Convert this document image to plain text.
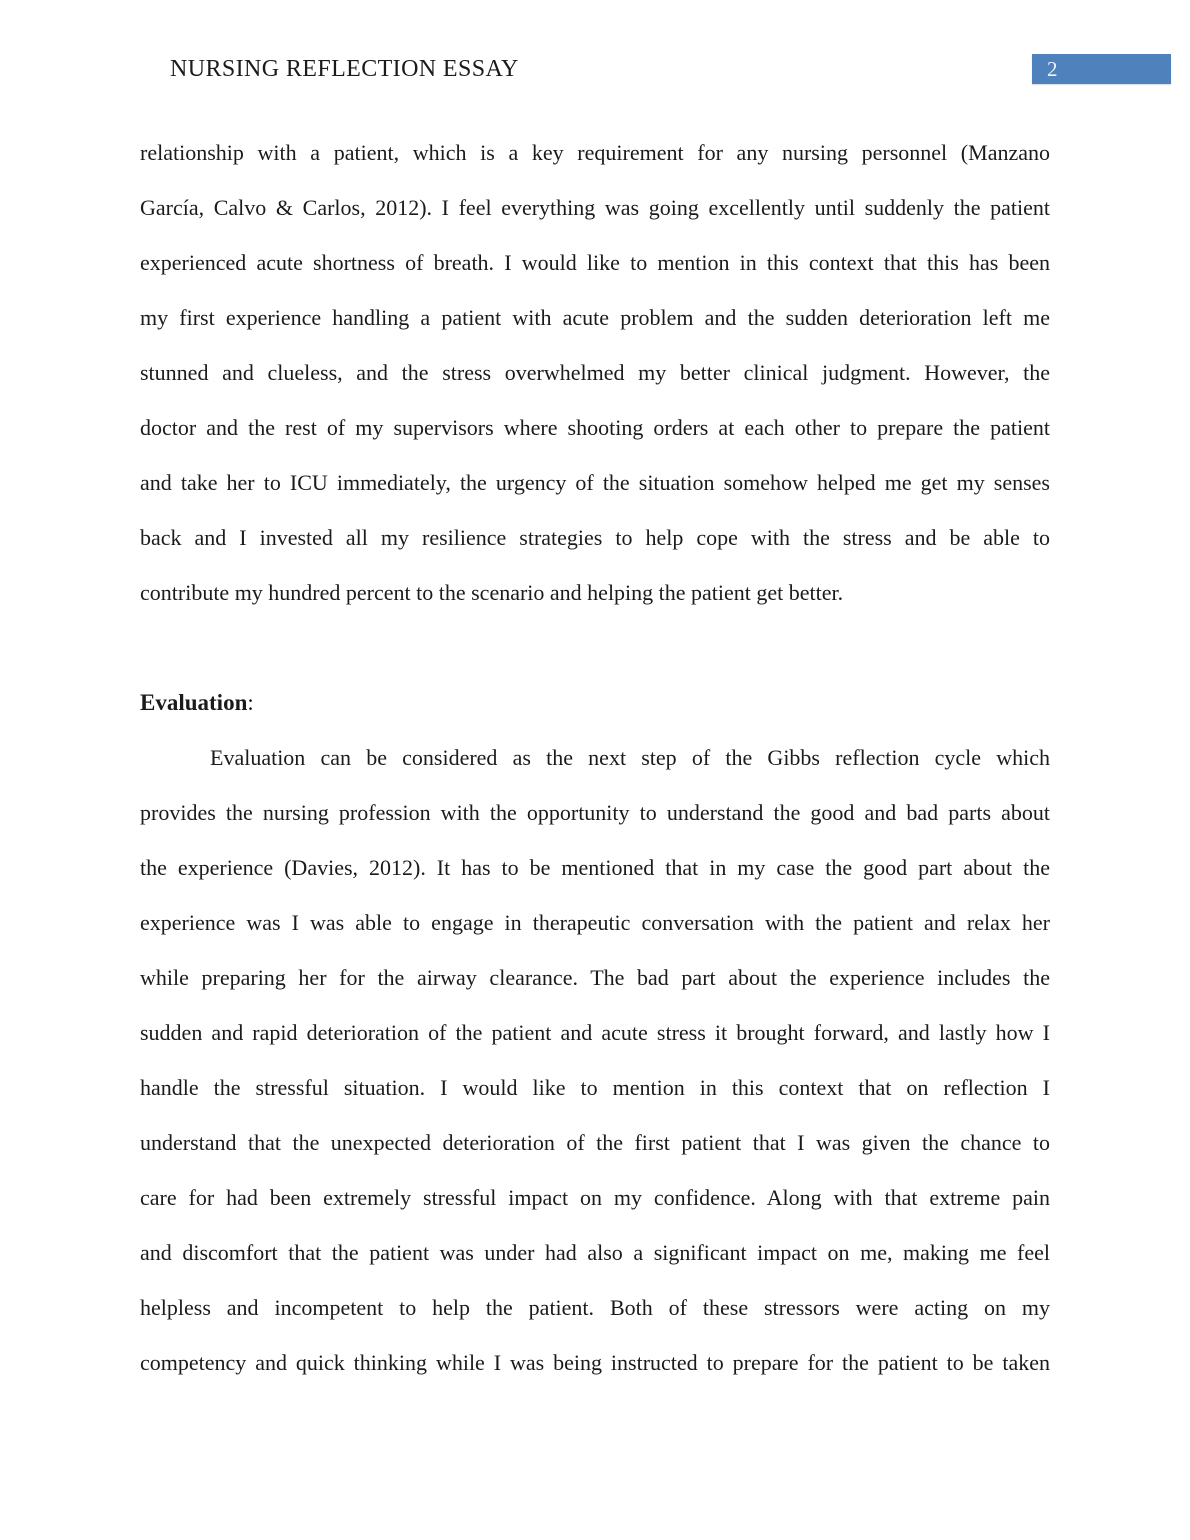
NURSING REFLECTION ESSAY	2
relationship with a patient, which is a key requirement for any nursing personnel (Manzano
García, Calvo & Carlos, 2012). I feel everything was going excellently until suddenly the patient
experienced acute shortness of breath. I would like to mention in this context that this has been
my first experience handling a patient with acute problem and the sudden deterioration left me
stunned and clueless, and the stress overwhelmed my better clinical judgment. However, the
doctor and the rest of my supervisors where shooting orders at each other to prepare the patient
and take her to ICU immediately, the urgency of the situation somehow helped me get my senses
back and I invested all my resilience strategies to help cope with the stress and be able to
contribute my hundred percent to the scenario and helping the patient get better.
Evaluation:
Evaluation can be considered as the next step of the Gibbs reflection cycle which
provides the nursing profession with the opportunity to understand the good and bad parts about
the experience (Davies, 2012). It has to be mentioned that in my case the good part about the
experience was I was able to engage in therapeutic conversation with the patient and relax her
while preparing her for the airway clearance. The bad part about the experience includes the
sudden and rapid deterioration of the patient and acute stress it brought forward, and lastly how I
handle the stressful situation. I would like to mention in this context that on reflection I
understand that the unexpected deterioration of the first patient that I was given the chance to
care for had been extremely stressful impact on my confidence. Along with that extreme pain
and discomfort that the patient was under had also a significant impact on me, making me feel
helpless and incompetent to help the patient. Both of these stressors were acting on my
competency and quick thinking while I was being instructed to prepare for the patient to be taken
